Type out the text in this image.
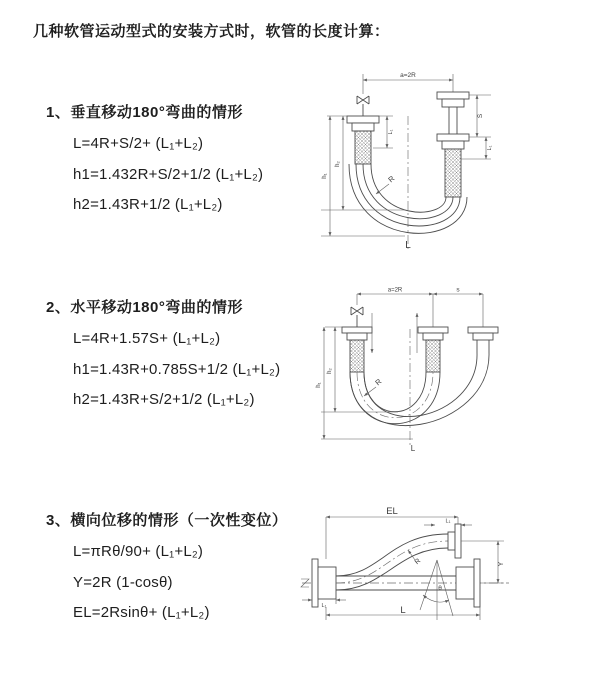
几种软管运动型式的安装方式时，软管的长度计算：

1、垂直移动180°弯曲的情形

L=4R+S/2+ (L₁+L₂)

h1=1.432R+S/2+1/2 (L₁+L₂)

h2=1.43R+1/2 (L₁+L₂)

2、水平移动180°弯曲的情形

L=4R+1.57S+ (L₁+L₂)

h1=1.43R+0.785S+1/2 (L₁+L₂)

h2=1.43R+S/2+1/2 (L₁+L₂)

3、横向位移的情形（一次性变位）

L=πRθ/90+ (L₁+L₂)

Y=2R (1-cosθ)

EL=2Rsinθ+ (L₁+L₂)

a=2R
h₂
h₁
L₁
S
L₁
R
L
a=2R	s
h₂
h₁	R
L
EL
L₁
Y
θ
R
L₁	L
